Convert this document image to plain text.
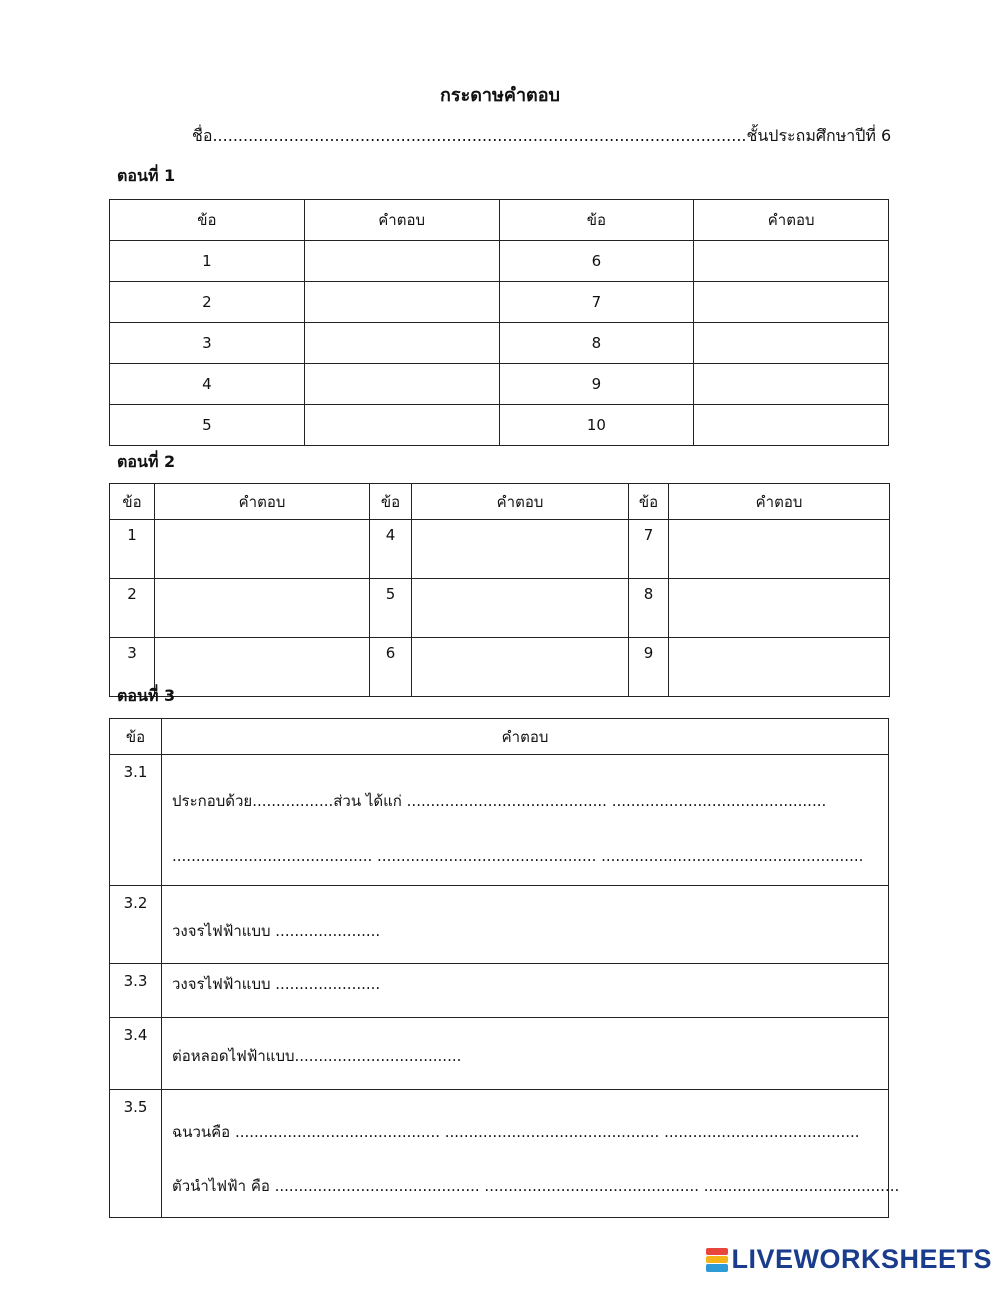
กระดาษคำตอบ
ชื่อ.........................................................................................................ชั้นประถมศึกษาปีที่ 6
ตอนที่ 1
ข้อ	คำตอบ	ข้อ	คำตอบ
1		6	
2		7	
3		8	
4		9	
5		10	
ตอนที่ 2
ข้อ	คำตอบ	ข้อ	คำตอบ	ข้อ	คำตอบ
1		4		7	
2		5		8	
3		6		9	
ตอนที่ 3
ข้อ	คำตอบ
3.1	ประกอบด้วย.................ส่วน ได้แก่ .......................................... .............................................
.......................................... .............................................. .......................................................

3.2	วงจรไฟฟ้าแบบ ......................

3.3	วงจรไฟฟ้าแบบ ......................

3.4	ต่อหลอดไฟฟ้าแบบ...................................

3.5	ฉนวนคือ ........................................... ............................................. .........................................
ตัวนำไฟฟ้า คือ ........................................... ............................................. .........................................
LIVEWORKSHEETS
